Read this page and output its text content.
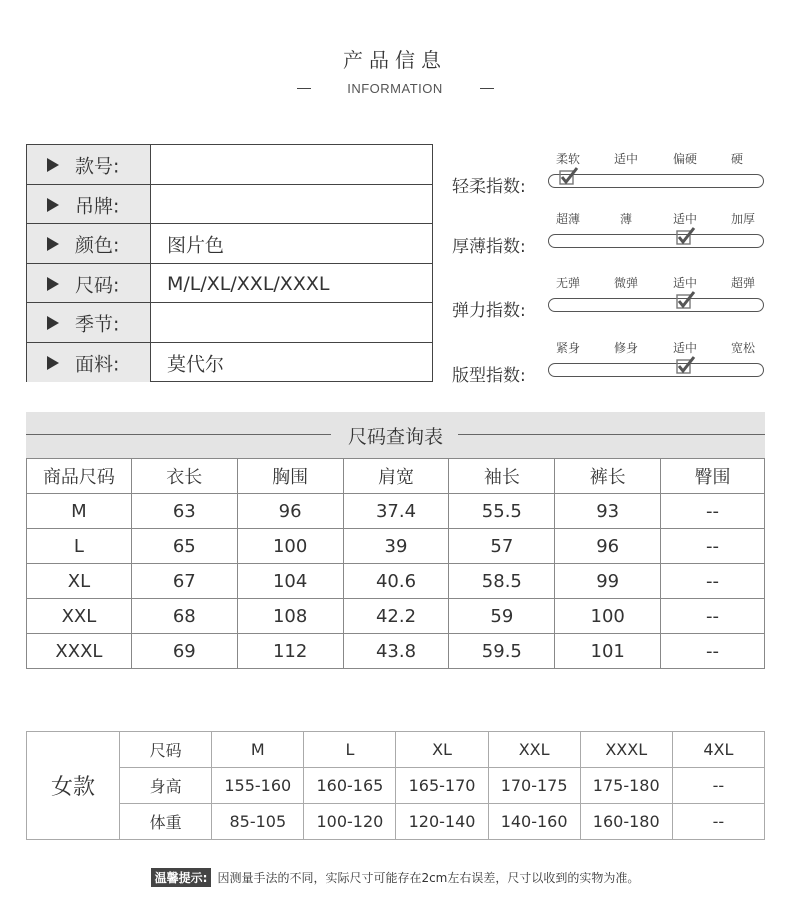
产品信息
INFORMATION
款号:
吊牌:
颜色:	图片色
尺码:	M/L/XL/XXL/XXXL
季节:
面料:	莫代尔
柔软	适中	偏硬	硬
轻柔指数:
超薄	薄	适中	加厚
厚薄指数:
无弹	微弹	适中	超弹
弹力指数:
紧身	修身	适中	宽松
版型指数:
尺码查询表
商品尺码	衣长	胸围	肩宽	袖长	裤长	臀围
M	63	96	37.4	55.5	93	--
L	65	100	39	57	96	--
XL	67	104	40.6	58.5	99	--
XXL	68	108	42.2	59	100	--
XXXL	69	112	43.8	59.5	101	--
女款	尺码	M	L	XL	XXL	XXXL	4XL
	身高	155-160	160-165	165-170	170-175	175-180	--
	体重	85-105	100-120	120-140	140-160	160-180	--
温馨提示: 因测量手法的不同，实际尺寸可能存在2cm左右误差，尺寸以收到的实物为准。
